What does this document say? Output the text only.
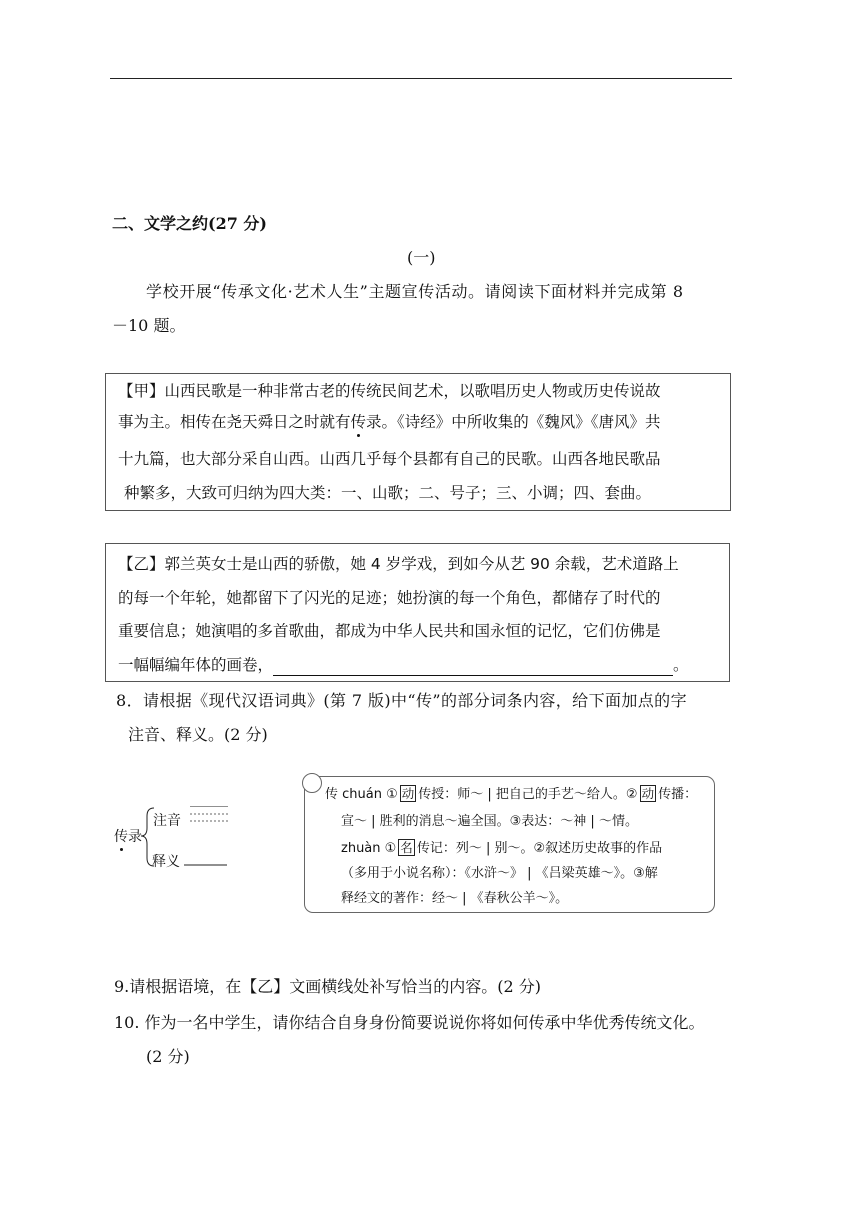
二、文学之约(27 分)
(一)
学校开展“传承文化·艺术人生”主题宣传活动。请阅读下面材料并完成第 8
－10 题。
【甲】山西民歌是一种非常古老的传统民间艺术，以歌唱历史人物或历史传说故
事为主。相传在尧天舜日之时就有传录。《诗经》中所收集的《魏风》《唐风》共
十九篇，也大部分采自山西。山西几乎每个县都有自己的民歌。山西各地民歌品
种繁多，大致可归纳为四大类：一、山歌；二、号子；三、小调；四、套曲。
【乙】郭兰英女士是山西的骄傲，她 4 岁学戏，到如今从艺 90 余载，艺术道路上
的每一个年轮，她都留下了闪光的足迹；她扮演的每一个角色，都储存了时代的
重要信息；她演唱的多首歌曲，都成为中华人民共和国永恒的记忆，它们仿佛是
一幅幅编年体的画卷，	。
8．请根据《现代汉语词典》(第 7 版)中“传”的部分词条内容，给下面加点的字
注音、释义。(2 分)
传录
注音
释义
传 chuán ① 动 传授：师～ | 把自己的手艺～给人。② 动 传播：
宣～ | 胜利的消息～遍全国。③表达：～神 | ～情。
zhuàn ① 名 传记：列～ | 别～。②叙述历史故事的作品
（多用于小说名称）：《水浒～》 | 《吕梁英雄～》。③解
释经文的著作：经～ | 《春秋公羊～》。
9.请根据语境，在【乙】文画横线处补写恰当的内容。(2 分)
10. 作为一名中学生，请你结合自身身份简要说说你将如何传承中华优秀传统文化。
(2 分)
